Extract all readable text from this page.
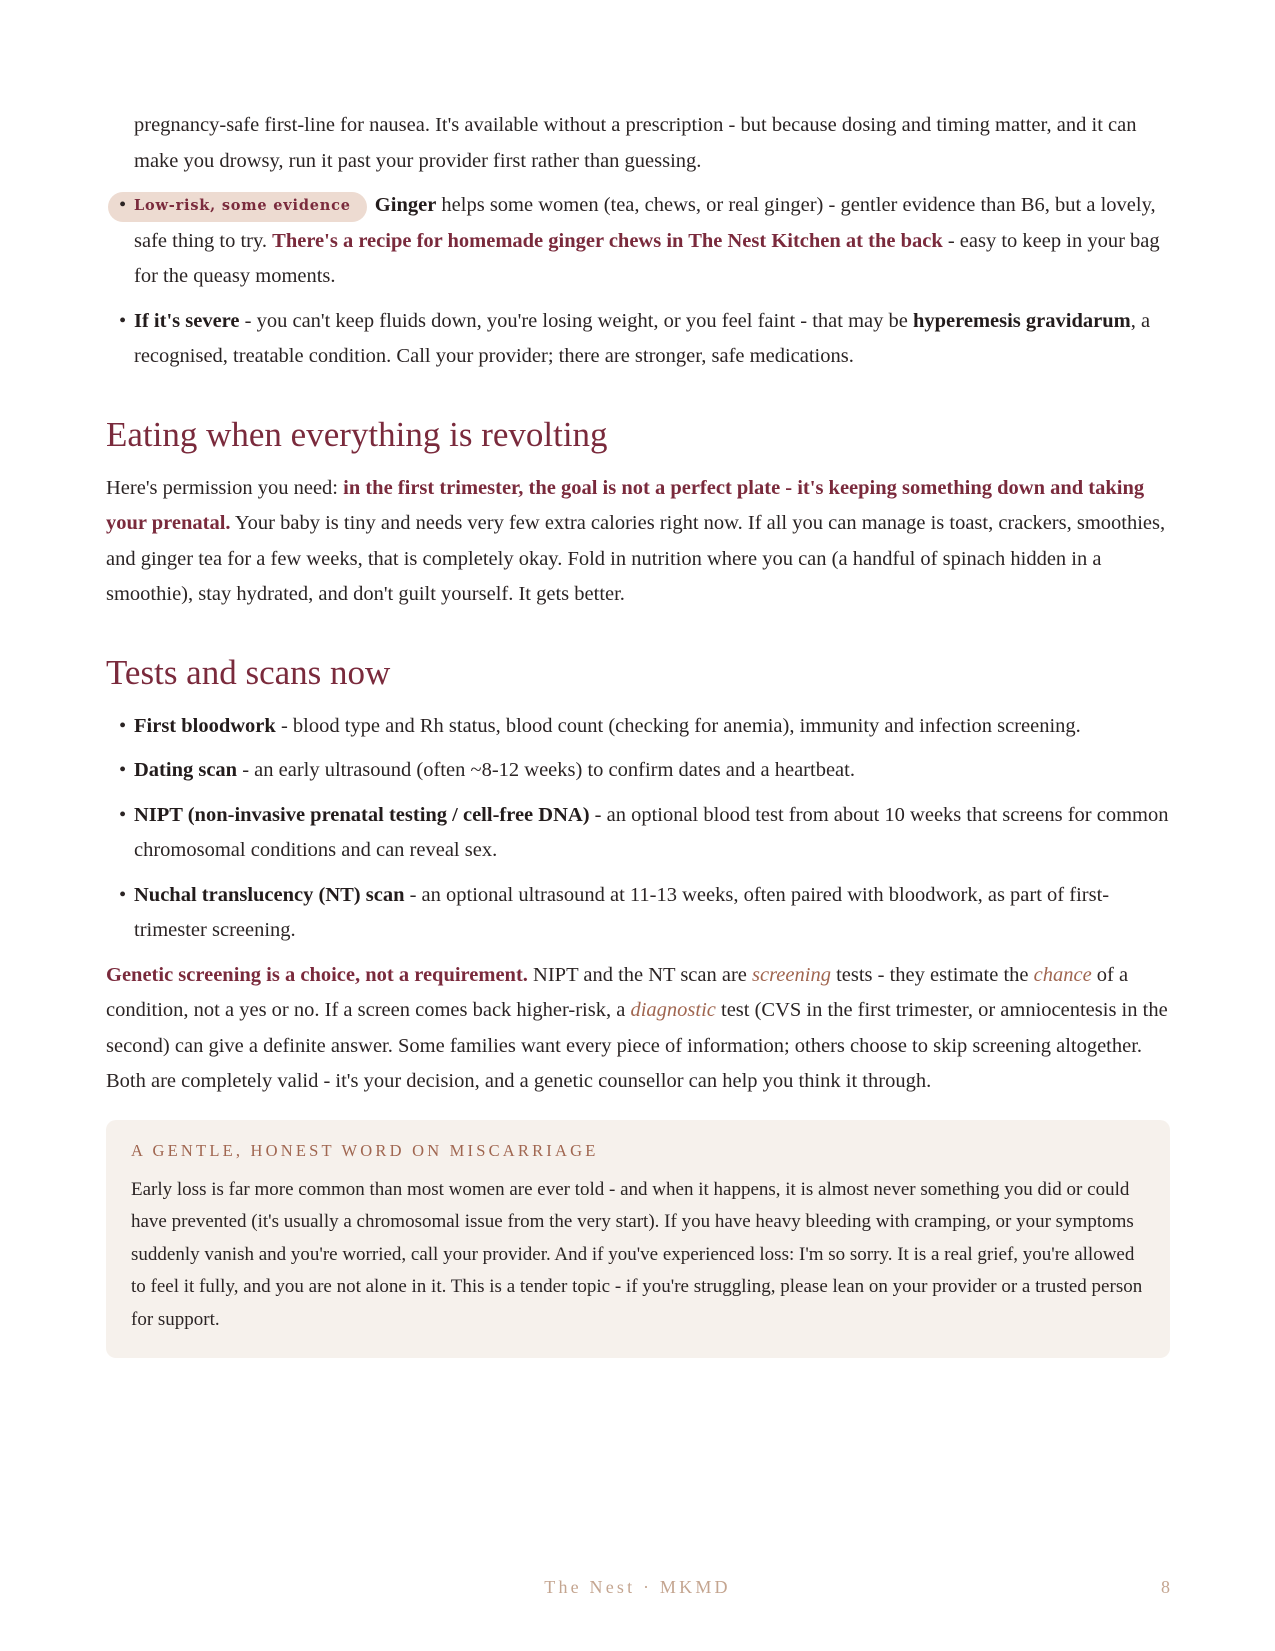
pregnancy-safe first-line for nausea. It's available without a prescription - but because dosing and timing matter, and it can make you drowsy, run it past your provider first rather than guessing.
• Low-risk, some evidence Ginger helps some women (tea, chews, or real ginger) - gentler evidence than B6, but a lovely, safe thing to try. There's a recipe for homemade ginger chews in The Nest Kitchen at the back - easy to keep in your bag for the queasy moments.
• If it's severe - you can't keep fluids down, you're losing weight, or you feel faint - that may be hyperemesis gravidarum, a recognised, treatable condition. Call your provider; there are stronger, safe medications.
Eating when everything is revolting

Here's permission you need: in the first trimester, the goal is not a perfect plate - it's keeping something down and taking your prenatal. Your baby is tiny and needs very few extra calories right now. If all you can manage is toast, crackers, smoothies, and ginger tea for a few weeks, that is completely okay. Fold in nutrition where you can (a handful of spinach hidden in a smoothie), stay hydrated, and don't guilt yourself. It gets better.

Tests and scans now
• First bloodwork - blood type and Rh status, blood count (checking for anemia), immunity and infection screening.
• Dating scan - an early ultrasound (often ~8-12 weeks) to confirm dates and a heartbeat.
• NIPT (non-invasive prenatal testing / cell-free DNA) - an optional blood test from about 10 weeks that screens for common chromosomal conditions and can reveal sex.
• Nuchal translucency (NT) scan - an optional ultrasound at 11-13 weeks, often paired with bloodwork, as part of first-trimester screening.

Genetic screening is a choice, not a requirement. NIPT and the NT scan are screening tests - they estimate the chance of a condition, not a yes or no. If a screen comes back higher-risk, a diagnostic test (CVS in the first trimester, or amniocentesis in the second) can give a definite answer. Some families want every piece of information; others choose to skip screening altogether. Both are completely valid - it's your decision, and a genetic counsellor can help you think it through.

A GENTLE, HONEST WORD ON MISCARRIAGE
Early loss is far more common than most women are ever told - and when it happens, it is almost never something you did or could have prevented (it's usually a chromosomal issue from the very start). If you have heavy bleeding with cramping, or your symptoms suddenly vanish and you're worried, call your provider. And if you've experienced loss: I'm so sorry. It is a real grief, you're allowed to feel it fully, and you are not alone in it. This is a tender topic - if you're struggling, please lean on your provider or a trusted person for support.
The Nest · MKMD	8
